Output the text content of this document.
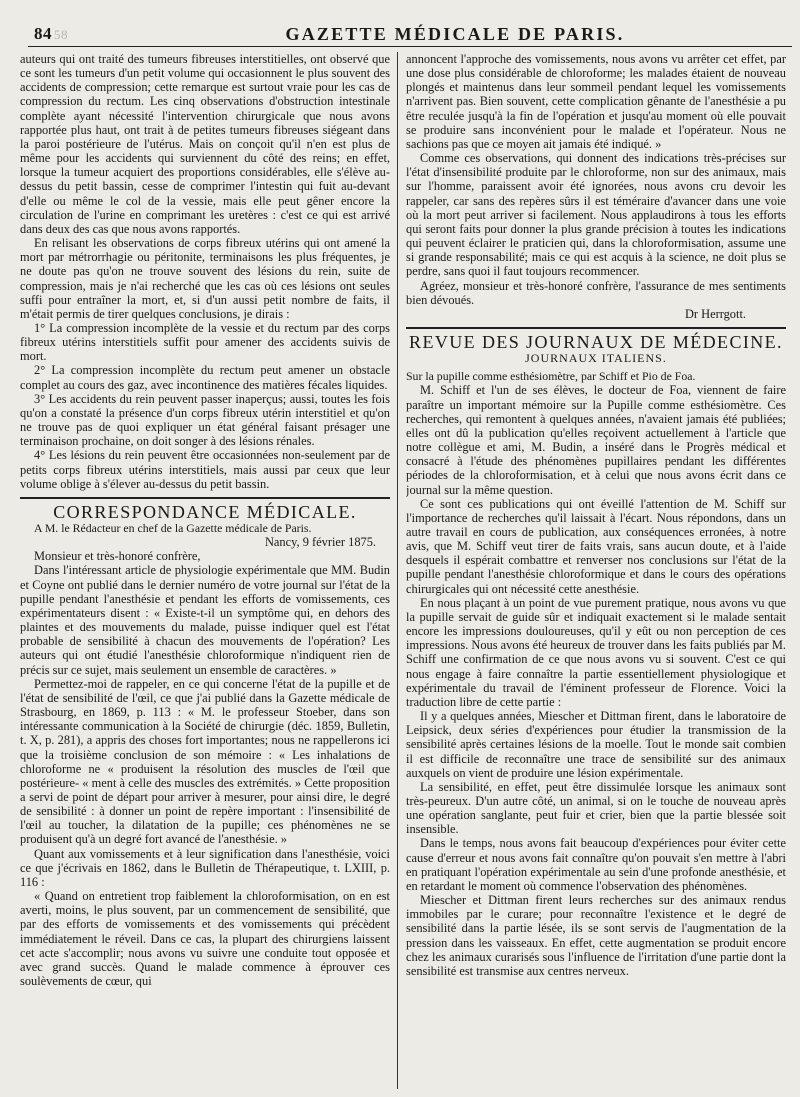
84 58	GAZETTE MÉDICALE DE PARIS.

auteurs qui ont traité des tumeurs fibreuses interstitielles, ont observé que ce sont les tumeurs d'un petit volume qui occasionnent le plus souvent des accidents de compression; cette remarque est surtout vraie pour les cas de compression du rectum. Les cinq observations d'obstruction intestinale complète ayant nécessité l'intervention chirurgicale que nous avons rapportée plus haut, ont trait à de petites tumeurs fibreuses siégeant dans la paroi postérieure de l'utérus. Mais on conçoit qu'il n'en est plus de même pour les accidents qui surviennent du côté des reins; en effet, lorsque la tumeur acquiert des proportions considérables, elle s'élève au-dessus du petit bassin, cesse de comprimer l'intestin qui fuit au-devant d'elle ou même le col de la vessie, mais elle peut gêner encore la circulation de l'urine en comprimant les uretères : c'est ce qui est arrivé dans deux des cas que nous avons rapportés.

En relisant les observations de corps fibreux utérins qui ont amené la mort par métrorrhagie ou péritonite, terminaisons les plus fréquentes, je ne doute pas qu'on ne trouve souvent des lésions du rein, suite de compression, mais je n'ai recherché que les cas où ces lésions ont seules suffi pour entraîner la mort, et, si d'un aussi petit nombre de faits, il m'était permis de tirer quelques conclusions, je dirais :

1° La compression incomplète de la vessie et du rectum par des corps fibreux utérins interstitiels suffit pour amener des accidents suivis de mort.

2° La compression incomplète du rectum peut amener un obstacle complet au cours des gaz, avec incontinence des matières fécales liquides.

3° Les accidents du rein peuvent passer inaperçus; aussi, toutes les fois qu'on a constaté la présence d'un corps fibreux utérin interstitiel et qu'on ne trouve pas de quoi expliquer un état général faisant présager une terminaison prochaine, on doit songer à des lésions rénales.

4° Les lésions du rein peuvent être occasionnées non-seulement par de petits corps fibreux utérins interstitiels, mais aussi par ceux que leur volume oblige à s'élever au-dessus du petit bassin.

CORRESPONDANCE MÉDICALE.

A M. le Rédacteur en chef de la Gazette médicale de Paris.

Nancy, 9 février 1875.

Monsieur et très-honoré confrère,

Dans l'intéressant article de physiologie expérimentale que MM. Budin et Coyne ont publié dans le dernier numéro de votre journal sur l'état de la pupille pendant l'anesthésie et pendant les efforts de vomissements, ces expérimentateurs disent : « Existe-t-il un symptôme qui, en dehors des plaintes et des mouvements du malade, puisse indiquer quel est l'état probable de sensibilité à chacun des mouvements de l'opération? Les auteurs qui ont étudié l'anesthésie chloroformique n'indiquent rien de précis sur ce sujet, mais seulement un ensemble de caractères. »

Permettez-moi de rappeler, en ce qui concerne l'état de la pupille et de l'état de sensibilité de l'œil, ce que j'ai publié dans la Gazette médicale de Strasbourg, en 1869, p. 113 : « M. le professeur Stoeber, dans son intéressante communication à la Société de chirurgie (déc. 1859, Bulletin, t. X, p. 281), a appris des choses fort importantes; nous ne rappellerons ici que la troisième conclusion de son mémoire : « Les inhalations de chloroforme ne « produisent la résolution des muscles de l'œil que postérieure- « ment à celle des muscles des extrémités. » Cette proposition a servi de point de départ pour arriver à mesurer, pour ainsi dire, le degré de sensibilité : à donner un point de repère important : l'insensibilité de l'œil au toucher, la dilatation de la pupille; ces phénomènes ne se produisent qu'à un degré fort avancé de l'anesthésie. »

Quant aux vomissements et à leur signification dans l'anesthésie, voici ce que j'écrivais en 1862, dans le Bulletin de Thérapeutique, t. LXIII, p. 116 :

« Quand on entretient trop faiblement la chloroformisation, on en est averti, moins, le plus souvent, par un commencement de sensibilité, que par des efforts de vomissements et des vomissements qui précèdent immédiatement le réveil. Dans ce cas, la plupart des chirurgiens laissent cet acte s'accomplir; nous avons vu suivre une conduite tout opposée et avec grand succès. Quand le malade commence à éprouver ces soulèvements de cœur, qui

annoncent l'approche des vomissements, nous avons vu arrêter cet effet, par une dose plus considérable de chloroforme; les malades étaient de nouveau plongés et maintenus dans leur sommeil pendant lequel les vomissements n'arrivent pas. Bien souvent, cette complication gênante de l'anesthésie a pu être reculée jusqu'à la fin de l'opération et jusqu'au moment où elle pouvait se produire sans inconvénient pour le malade et l'opérateur. Nous ne sachions pas que ce moyen ait jamais été indiqué. »

Comme ces observations, qui donnent des indications très-précises sur l'état d'insensibilité produite par le chloroforme, non sur des animaux, mais sur l'homme, paraissent avoir été ignorées, nous avons cru devoir les rappeler, car sans des repères sûrs il est téméraire d'avancer dans une voie où la mort peut arriver si facilement. Nous applaudirons à tous les efforts qui seront faits pour donner la plus grande précision à toutes les indications qui peuvent éclairer le praticien qui, dans la chloroformisation, assume une si grande responsabilité; mais ce qui est acquis à la science, ne doit plus se perdre, sans quoi il faut toujours recommencer.

Agréez, monsieur et très-honoré confrère, l'assurance de mes sentiments bien dévoués.

Dr Herrgott.

REVUE DES JOURNAUX DE MÉDECINE.
JOURNAUX ITALIENS.

Sur la pupille comme esthésiomètre, par Schiff et Pio de Foa.

M. Schiff et l'un de ses élèves, le docteur de Foa, viennent de faire paraître un important mémoire sur la Pupille comme esthésiomètre. Ces recherches, qui remontent à quelques années, n'avaient jamais été publiées; elles ont dû la publication qu'elles reçoivent actuellement à l'article que notre collègue et ami, M. Budin, a inséré dans le Progrès médical et consacré à l'étude des phénomènes pupillaires pendant les différentes périodes de la chloroformisation, et à celui que nous avons écrit dans ce journal sur la même question.

Ce sont ces publications qui ont éveillé l'attention de M. Schiff sur l'importance de recherches qu'il laissait à l'écart. Nous répondons, dans un autre travail en cours de publication, aux conséquences erronées, à notre avis, que M. Schiff veut tirer de faits vrais, sans aucun doute, et à l'aide desquels il espérait combattre et renverser nos conclusions sur l'état de la pupille pendant l'anesthésie chloroformique et dans le cours des opérations chirurgicales qui ont nécessité cette anesthésie.

En nous plaçant à un point de vue purement pratique, nous avons vu que la pupille servait de guide sûr et indiquait exactement si le malade sentait encore les impressions douloureuses, qu'il y eût ou non perception de ces impressions. Nous avons été heureux de trouver dans les faits publiés par M. Schiff une confirmation de ce que nous avons vu si souvent. C'est ce qui nous engage à faire connaître la partie essentiellement physiologique et expérimentale du travail de l'éminent professeur de Florence. Voici la traduction libre de cette partie :

Il y a quelques années, Miescher et Dittman firent, dans le laboratoire de Leipsick, deux séries d'expériences pour étudier la transmission de la sensibilité après certaines lésions de la moelle. Tout le monde sait combien il est difficile de reconnaître une trace de sensibilité sur des animaux auxquels on vient de produire une lésion expérimentale.

La sensibilité, en effet, peut être dissimulée lorsque les animaux sont très-peureux. D'un autre côté, un animal, si on le touche de nouveau après une opération sanglante, peut fuir et crier, bien que la partie blessée soit insensible.

Dans le temps, nous avons fait beaucoup d'expériences pour éviter cette cause d'erreur et nous avons fait connaître qu'on pouvait s'en mettre à l'abri en pratiquant l'opération expérimentale au sein d'une profonde anesthésie, et en retardant le moment où commence l'observation des phénomènes.

Miescher et Dittman firent leurs recherches sur des animaux rendus immobiles par le curare; pour reconnaître l'existence et le degré de sensibilité dans la partie lésée, ils se sont servis de l'augmentation de la pression dans les vaisseaux. En effet, cette augmentation se produit encore chez les animaux curarisés sous l'influence de l'irritation d'une partie dont la sensibilité est transmise aux centres nerveux.
